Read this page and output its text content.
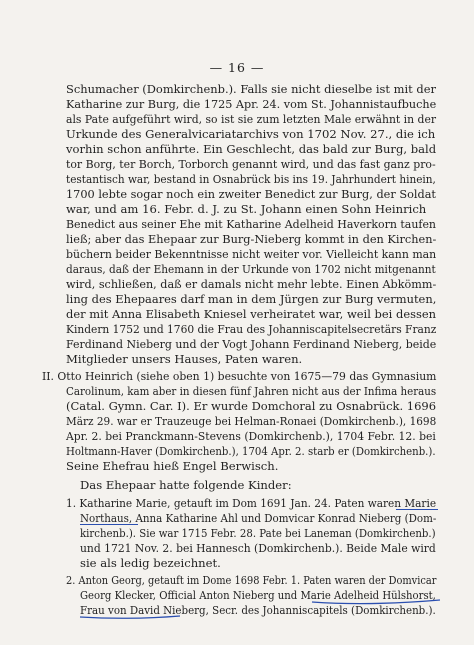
— 16 —
Schumacher (Domkirchenb.). Falls sie nicht dieselbe ist mit der
Katharine zur Burg, die 1725 Apr. 24. vom St. Johannistaufbuche
als Pate aufgeführt wird, so ist sie zum letzten Male erwähnt in der
Urkunde des Generalvicariatarchivs von 1702 Nov. 27., die ich
vorhin schon anführte. Ein Geschlecht, das bald zur Burg, bald
tor Borg, ter Borch, Torborch genannt wird, und das fast ganz pro-
testantisch war, bestand in Osnabrück bis ins 19. Jahrhundert hinein,
1700 lebte sogar noch ein zweiter Benedict zur Burg, der Soldat
war, und am 16. Febr. d. J. zu St. Johann einen Sohn Heinrich
Benedict aus seiner Ehe mit Katharine Adelheid Haverkorn taufen
ließ; aber das Ehepaar zur Burg-Nieberg kommt in den Kirchen-
büchern beider Bekenntnisse nicht weiter vor. Vielleicht kann man
daraus, daß der Ehemann in der Urkunde von 1702 nicht mitgenannt
wird, schließen, daß er damals nicht mehr lebte. Einen Abkömm-
ling des Ehepaares darf man in dem Jürgen zur Burg vermuten,
der mit Anna Elisabeth Kniesel verheiratet war, weil bei dessen
Kindern 1752 und 1760 die Frau des Johanniscapitelsecretärs Franz
Ferdinand Nieberg und der Vogt Johann Ferdinand Nieberg, beide
Mitglieder unsers Hauses, Paten waren.
II. Otto Heinrich (siehe oben 1) besuchte von 1675—79 das Gymnasium
Carolinum, kam aber in diesen fünf Jahren nicht aus der Infima heraus
(Catal. Gymn. Car. I). Er wurde Domchoral zu Osnabrück. 1696
März 29. war er Trauzeuge bei Helman-Ronaei (Domkirchenb.), 1698
Apr. 2. bei Pranckmann-Stevens (Domkirchenb.), 1704 Febr. 12. bei
Holtmann-Haver (Domkirchenb.), 1704 Apr. 2. starb er (Domkirchenb.).
Seine Ehefrau hieß Engel Berwisch.
Das Ehepaar hatte folgende Kinder:
1. Katharine Marie, getauft im Dom 1691 Jan. 24. Paten waren Marie
Northaus, Anna Katharine Ahl und Domvicar Konrad Nieberg (Dom-
kirchenb.). Sie war 1715 Febr. 28. Pate bei Laneman (Domkirchenb.)
und 1721 Nov. 2. bei Hannesch (Domkirchenb.). Beide Male wird
sie als ledig bezeichnet.
2. Anton Georg, getauft im Dome 1698 Febr. 1. Paten waren der Domvicar
Georg Klecker, Official Anton Nieberg und Marie Adelheid Hülshorst,
Frau von David Nieberg, Secr. des Johanniscapitels (Domkirchenb.).
